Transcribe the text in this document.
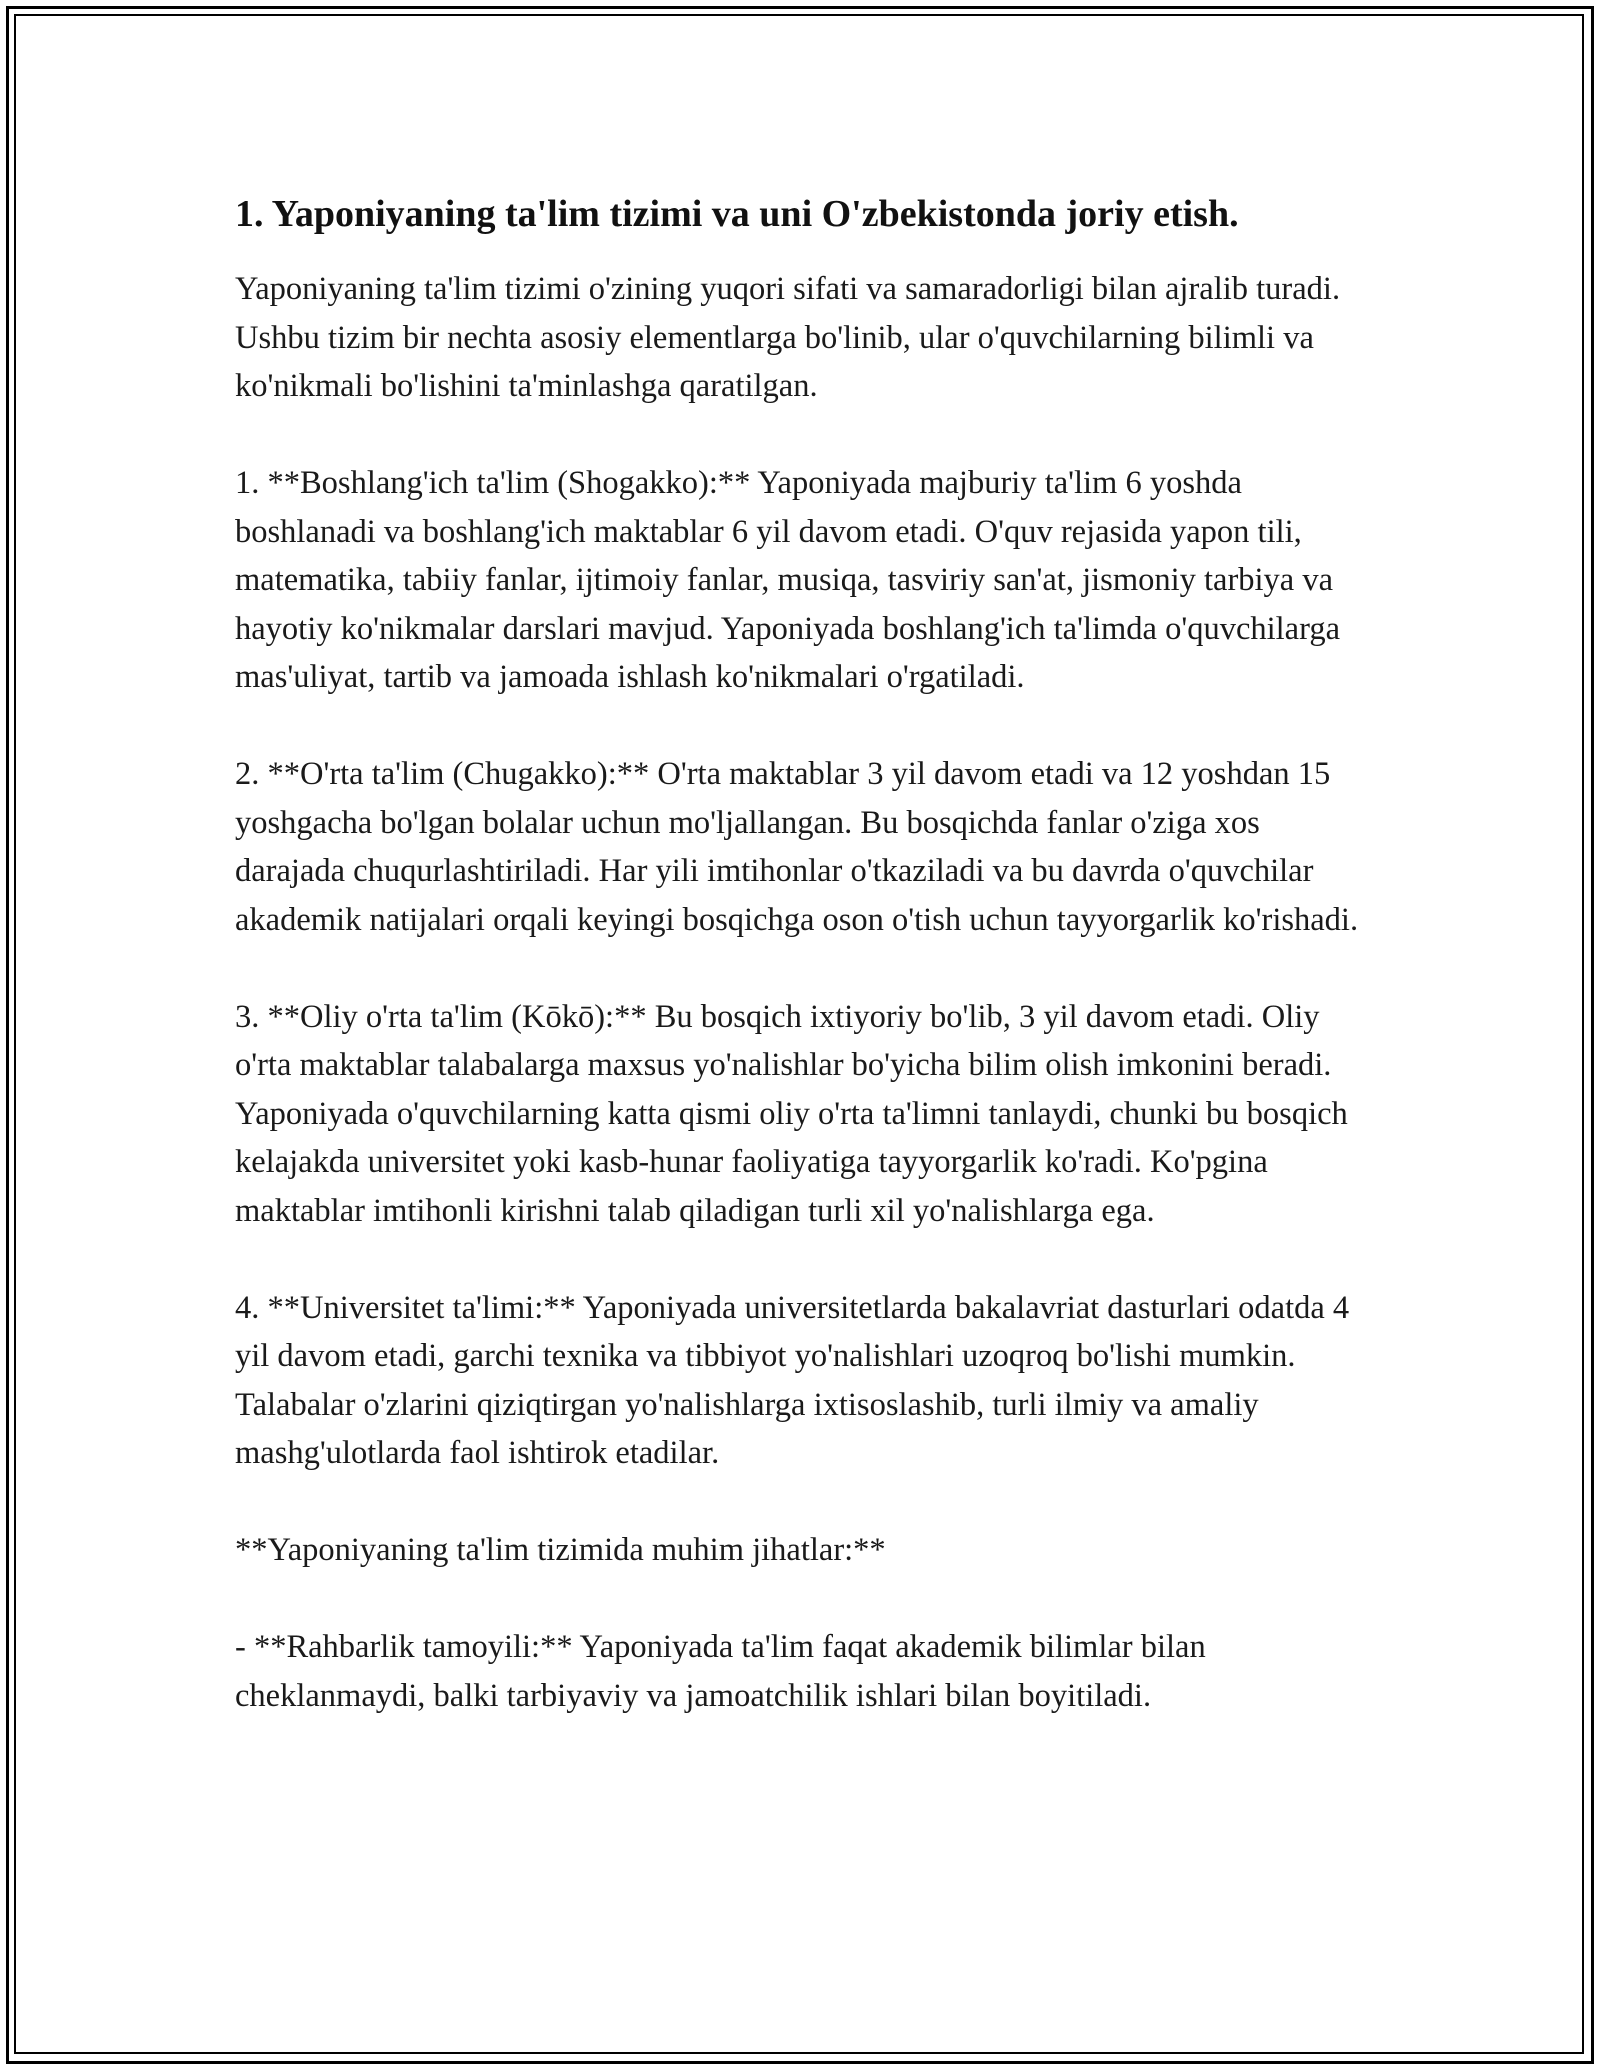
1. Yaponiyaning ta'lim tizimi va uni O'zbekistonda joriy etish.

Yaponiyaning ta'lim tizimi o'zining yuqori sifati va samaradorligi bilan ajralib turadi. Ushbu tizim bir nechta asosiy elementlarga bo'linib, ular o'quvchilarning bilimli va ko'nikmali bo'lishini ta'minlashga qaratilgan.

1. **Boshlang'ich ta'lim (Shogakko):** Yaponiyada majburiy ta'lim 6 yoshda boshlanadi va boshlang'ich maktablar 6 yil davom etadi. O'quv rejasida yapon tili, matematika, tabiiy fanlar, ijtimoiy fanlar, musiqa, tasviriy san'at, jismoniy tarbiya va hayotiy ko'nikmalar darslari mavjud. Yaponiyada boshlang'ich ta'limda o'quvchilarga mas'uliyat, tartib va jamoada ishlash ko'nikmalari o'rgatiladi.

2. **O'rta ta'lim (Chugakko):** O'rta maktablar 3 yil davom etadi va 12 yoshdan 15 yoshgacha bo'lgan bolalar uchun mo'ljallangan. Bu bosqichda fanlar o'ziga xos darajada chuqurlashtiriladi. Har yili imtihonlar o'tkaziladi va bu davrda o'quvchilar akademik natijalari orqali keyingi bosqichga oson o'tish uchun tayyorgarlik ko'rishadi.

3. **Oliy o'rta ta'lim (Kōkō):** Bu bosqich ixtiyoriy bo'lib, 3 yil davom etadi. Oliy o'rta maktablar talabalarga maxsus yo'nalishlar bo'yicha bilim olish imkonini beradi. Yaponiyada o'quvchilarning katta qismi oliy o'rta ta'limni tanlaydi, chunki bu bosqich kelajakda universitet yoki kasb-hunar faoliyatiga tayyorgarlik ko'radi. Ko'pgina maktablar imtihonli kirishni talab qiladigan turli xil yo'nalishlarga ega.

4. **Universitet ta'limi:** Yaponiyada universitetlarda bakalavriat dasturlari odatda 4 yil davom etadi, garchi texnika va tibbiyot yo'nalishlari uzoqroq bo'lishi mumkin. Talabalar o'zlarini qiziqtirgan yo'nalishlarga ixtisoslashib, turli ilmiy va amaliy mashg'ulotlarda faol ishtirok etadilar.

**Yaponiyaning ta'lim tizimida muhim jihatlar:**

- **Rahbarlik tamoyili:** Yaponiyada ta'lim faqat akademik bilimlar bilan cheklanmaydi, balki tarbiyaviy va jamoatchilik ishlari bilan boyitiladi.
